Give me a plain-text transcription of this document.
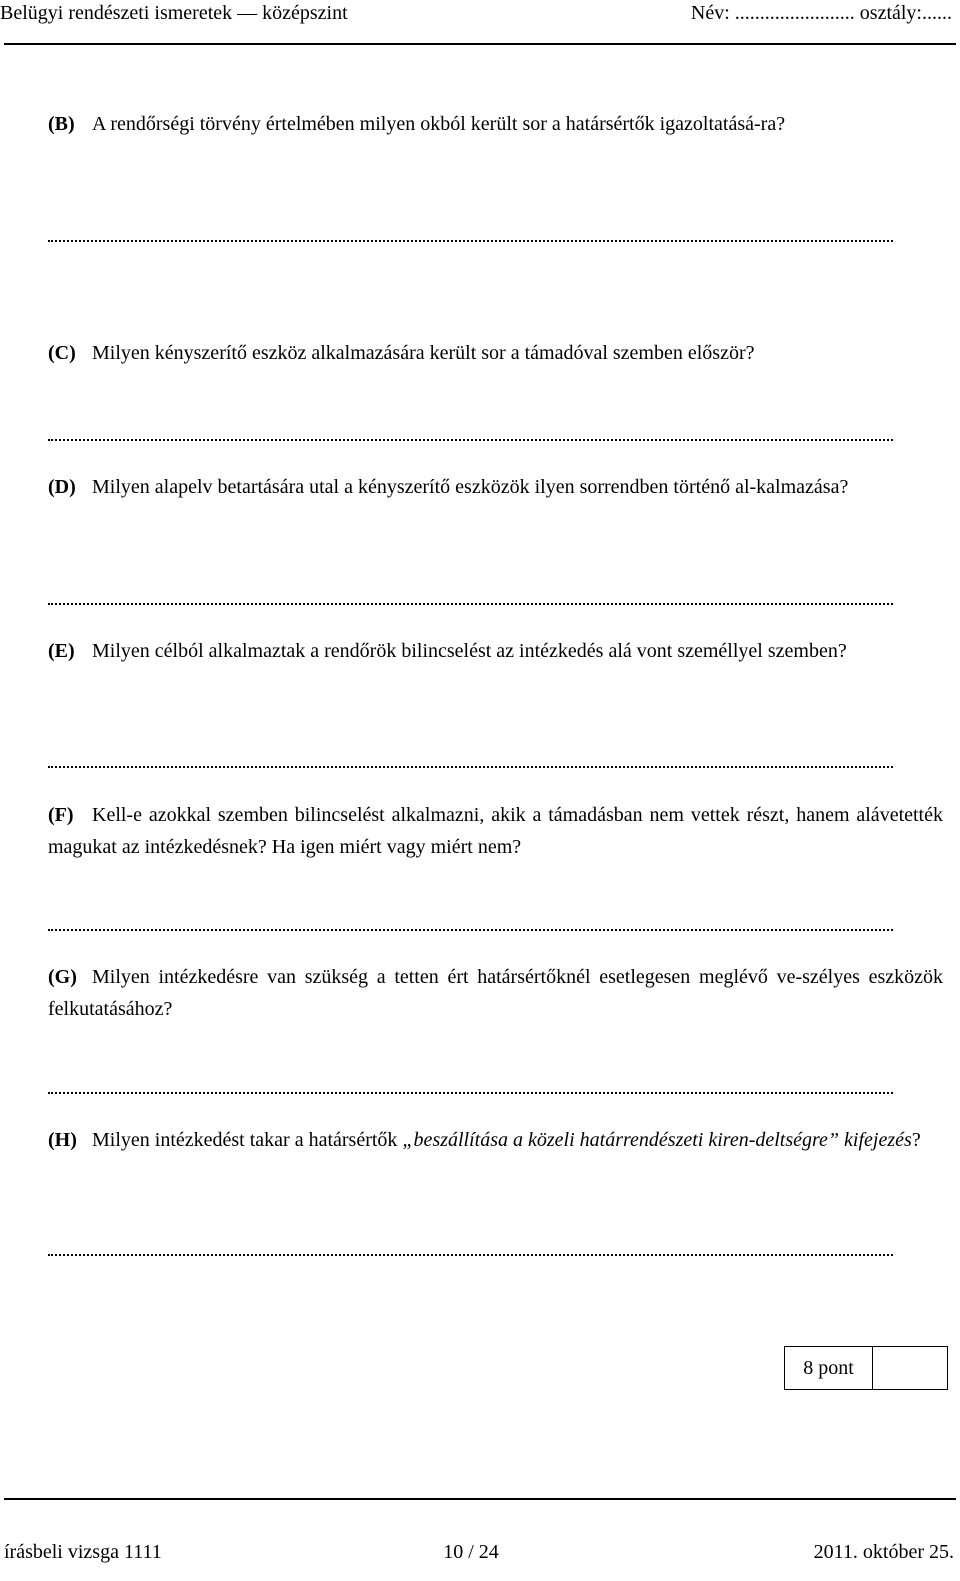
Belügyi rendészeti ismeretek — középszint	Név: ........................ osztály:......
(B) A rendőrségi törvény értelmében milyen okból került sor a határsértők igazoltatásá-ra?
(C) Milyen kényszerítő eszköz alkalmazására került sor a támadóval szemben először?
(D) Milyen alapelv betartására utal a kényszerítő eszközök ilyen sorrendben történő al-kalmazása?
(E) Milyen célból alkalmaztak a rendőrök bilincselést az intézkedés alá vont személlyel szemben?
(F) Kell-e azokkal szemben bilincselést alkalmazni, akik a támadásban nem vettek részt, hanem alávetették magukat az intézkedésnek? Ha igen miért vagy miért nem?
(G) Milyen intézkedésre van szükség a tetten ért határsértőknél esetlegesen meglévő ve-szélyes eszközök felkutatásához?
(H) Milyen intézkedést takar a határsértők „beszállítása a közeli határrendészeti kiren-deltségre” kifejezés?
8 pont
írásbeli vizsga 1111	10 / 24	2011. október 25.
